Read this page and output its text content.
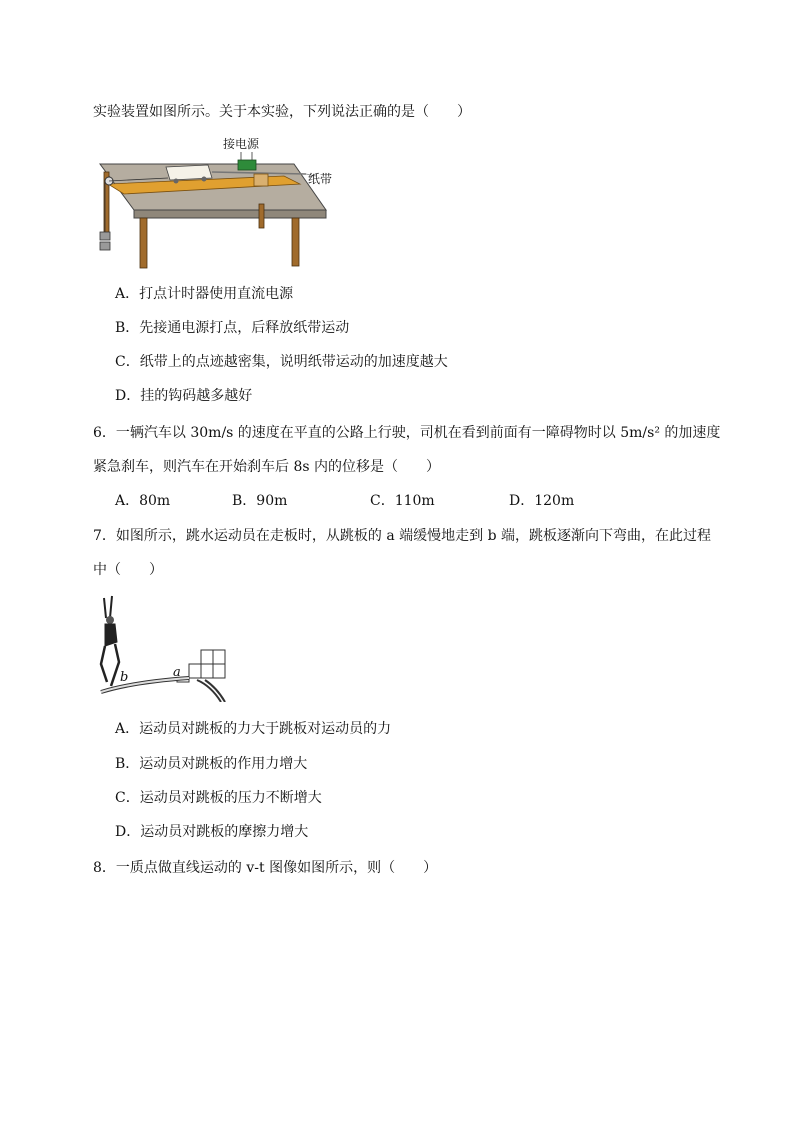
实验装置如图所示。关于本实验，下列说法正确的是（　　）
接电源
纸带
A．打点计时器使用直流电源
B．先接通电源打点，后释放纸带运动
C．纸带上的点迹越密集，说明纸带运动的加速度越大
D．挂的钩码越多越好
6．一辆汽车以 30m/s 的速度在平直的公路上行驶，司机在看到前面有一障碍物时以 5m/s² 的加速度
紧急刹车，则汽车在开始刹车后 8s 内的位移是（　　）
A．80m	B．90m	C．110m	D．120m
7．如图所示，跳水运动员在走板时，从跳板的 a 端缓慢地走到 b 端，跳板逐渐向下弯曲，在此过程
中（　　）
b	a
A．运动员对跳板的力大于跳板对运动员的力
B．运动员对跳板的作用力增大
C．运动员对跳板的压力不断增大
D．运动员对跳板的摩擦力增大
8．一质点做直线运动的 v-t 图像如图所示，则（　　）
